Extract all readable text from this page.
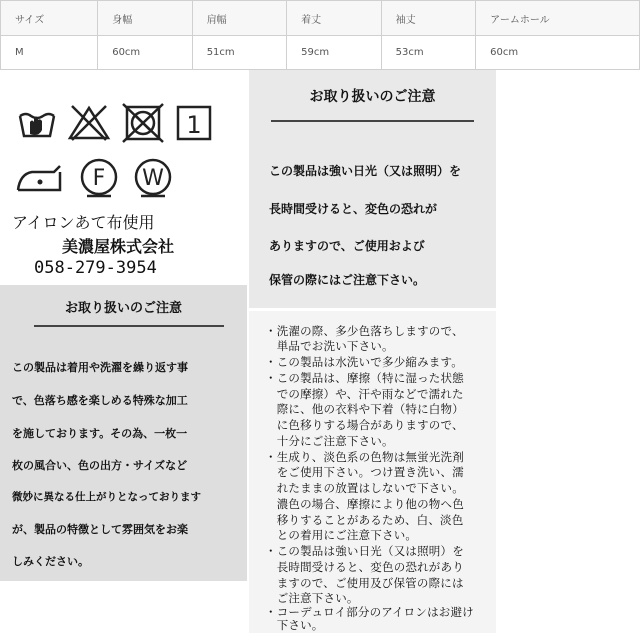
サイズ	身幅	肩幅	着丈	袖丈	アームホール
M	60cm	51cm	59cm	53cm	60cm
1
F W
アイロンあて布使用
美濃屋株式会社
058-279-3954
お取り扱いのご注意
この製品は強い日光（又は照明）を
長時間受けると、変色の恐れが
ありますので、ご使用および
保管の際にはご注意下さい。
お取り扱いのご注意
この製品は着用や洗濯を繰り返す事
で、色落ち感を楽しめる特殊な加工
を施しております。その為、一枚一
枚の風合い、色の出方・サイズなど
微妙に異なる仕上がりとなっております
が、製品の特徴として雰囲気をお楽
しみください。
・洗濯の際、多少色落ちしますので、
　単品でお洗い下さい。
・この製品は水洗いで多少縮みます。
・この製品は、摩擦（特に湿った状態
　での摩擦）や、汗や雨などで濡れた
　際に、他の衣料や下着（特に白物）
　に色移りする場合がありますので、
　十分にご注意下さい。
・生成り、淡色系の色物は無蛍光洗剤
　をご使用下さい。つけ置き洗い、濡
　れたままの放置はしないで下さい。
　濃色の場合、摩擦により他の物へ色
　移りすることがあるため、白、淡色
　との着用にご注意下さい。
・この製品は強い日光（又は照明）を
　長時間受けると、変色の恐れがあり
　ますので、ご使用及び保管の際には
　ご注意下さい。
・コーデュロイ部分のアイロンはお避け
　下さい。
